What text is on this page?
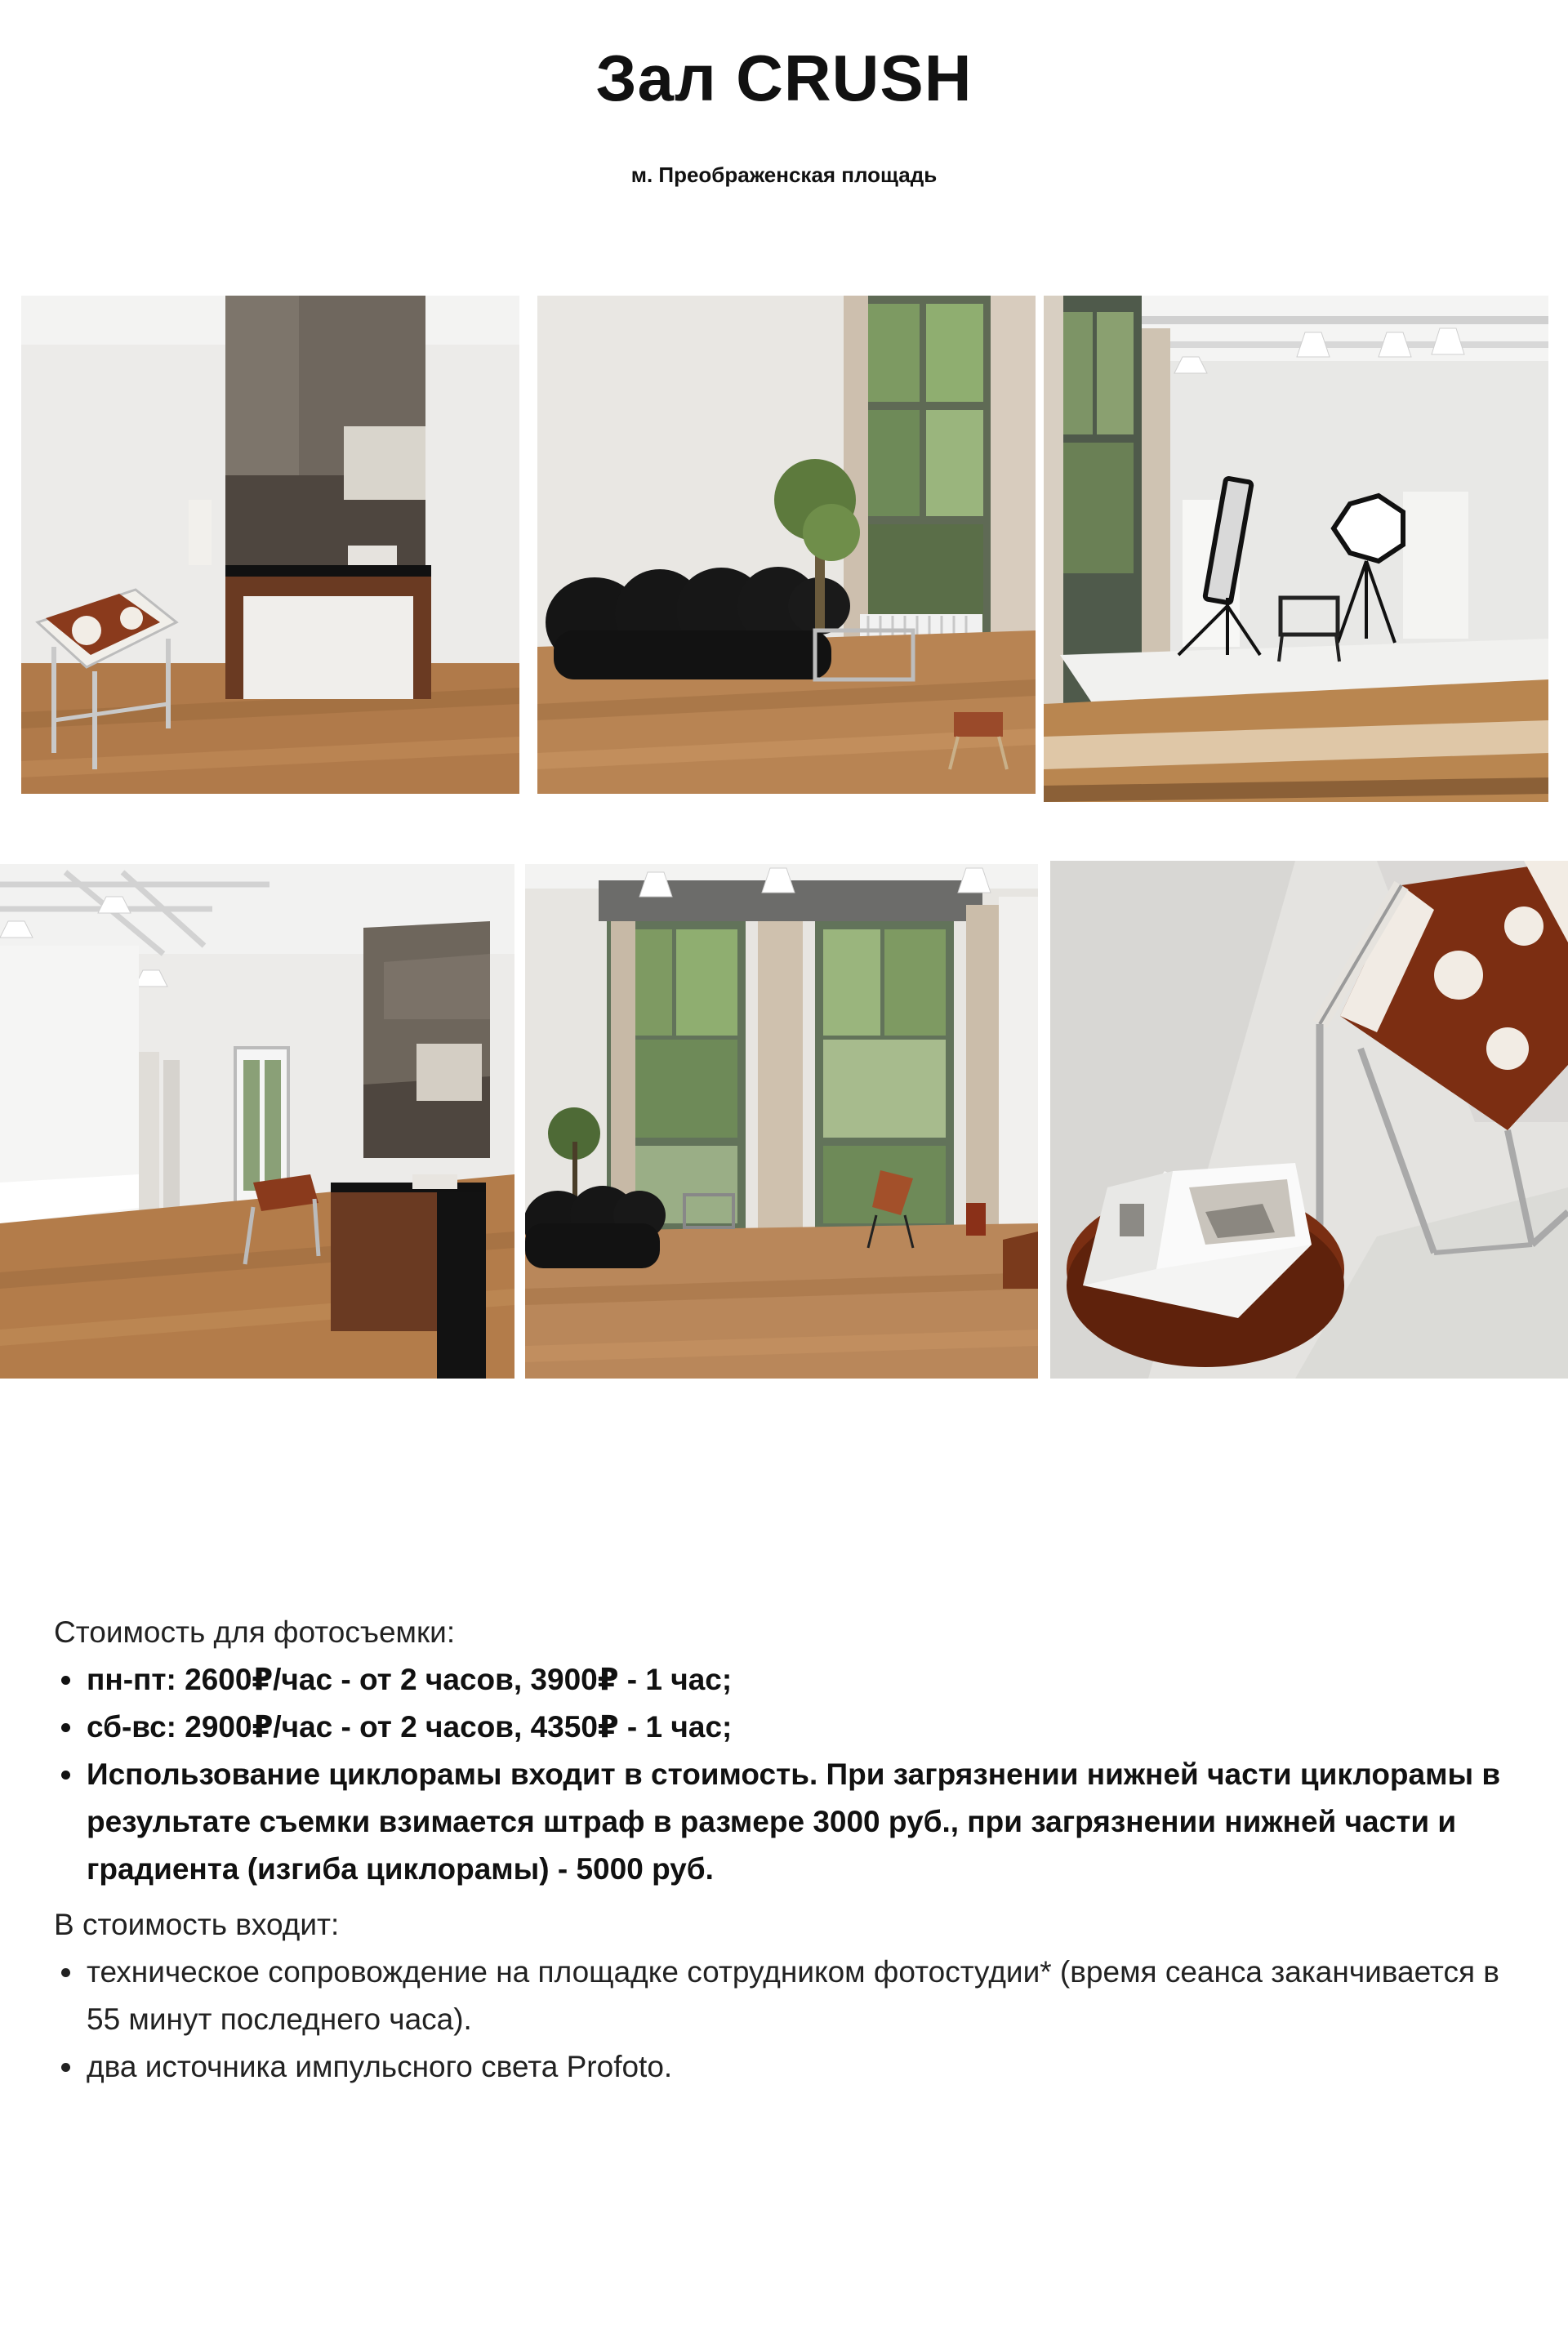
Зал CRUSH
м. Преображенская площадь

Стоимость для фотосъемки:

• пн-пт: 2600₽/час - от 2 часов, 3900₽ - 1 час;
• сб-вс: 2900₽/час - от 2 часов, 4350₽ - 1 час;
• Использование циклорамы входит в стоимость. При загрязнении нижней части циклорамы в результате съемки взимается штраф в размере 3000 руб., при загрязнении нижней части и градиента (изгиба циклорамы) - 5000 руб.

В стоимость входит:

• техническое сопровождение на площадке сотрудником фотостудии* (время сеанса заканчивается в 55 минут последнего часа).
• два источника импульсного света Profoto.
